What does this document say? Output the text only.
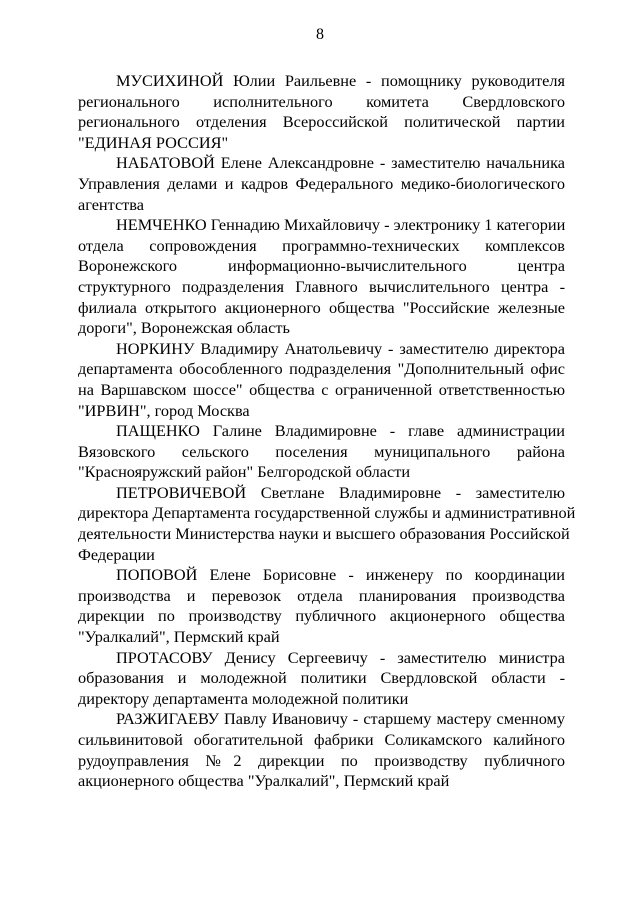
8

МУСИХИНОЙ Юлии Раильевне - помощнику руководителя
регионального исполнительного комитета Свердловского
регионального отделения Всероссийской политической партии
"ЕДИНАЯ РОССИЯ"

НАБАТОВОЙ Елене Александровне - заместителю начальника
Управления делами и кадров Федерального медико-биологического
агентства

НЕМЧЕНКО Геннадию Михайловичу - электронику 1 категории
отдела сопровождения программно-технических комплексов
Воронежского информационно-вычислительного центра
структурного подразделения Главного вычислительного центра -
филиала открытого акционерного общества "Российские железные
дороги", Воронежская область

НОРКИНУ Владимиру Анатольевичу - заместителю директора
департамента обособленного подразделения "Дополнительный офис
на Варшавском шоссе" общества с ограниченной ответственностью
"ИРВИН", город Москва

ПАЩЕНКО Галине Владимировне - главе администрации
Вязовского сельского поселения муниципального района
"Краснояружский район" Белгородской области

ПЕТРОВИЧЕВОЙ Светлане Владимировне - заместителю
директора Департамента государственной службы и административной
деятельности Министерства науки и высшего образования Российской
Федерации

ПОПОВОЙ Елене Борисовне - инженеру по координации
производства и перевозок отдела планирования производства
дирекции по производству публичного акционерного общества
"Уралкалий", Пермский край

ПРОТАСОВУ Денису Сергеевичу - заместителю министра
образования и молодежной политики Свердловской области -
директору департамента молодежной политики

РАЗЖИГАЕВУ Павлу Ивановичу - старшему мастеру сменному
сильвинитовой обогатительной фабрики Соликамского калийного
рудоуправления №2 дирекции по производству публичного
акционерного общества "Уралкалий", Пермский край
